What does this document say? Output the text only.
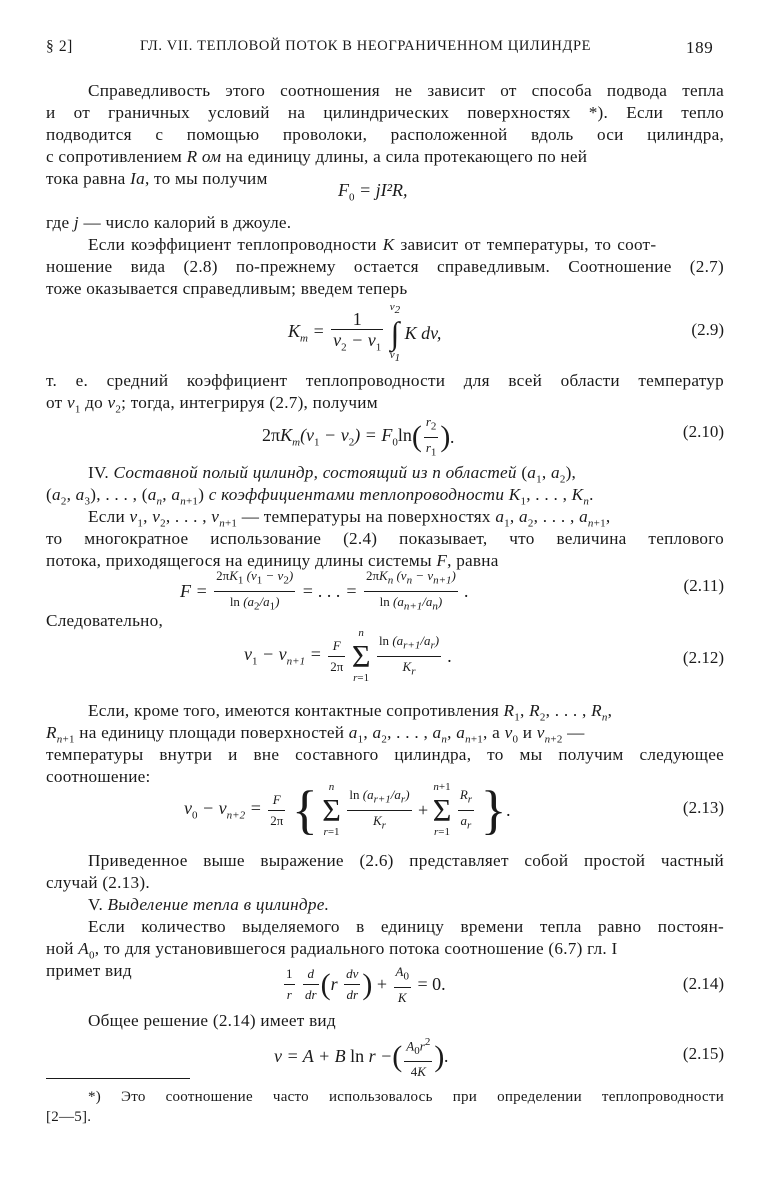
§ 2]	ГЛ. VII. ТЕПЛОВОЙ ПОТОК В НЕОГРАНИЧЕННОМ ЦИЛИНДРЕ	189
Справедливость этого соотношения не зависит от способа подвода тепла
и от граничных условий на цилиндрических поверхностях *). Если тепло
подводится с помощью проволоки, расположенной вдоль оси цилиндра,
с сопротивлением R ом на единицу длины, а сила протекающего по ней
тока равна Ia, то мы получим
$F_0 = jI^2R$,
где j — число калорий в джоуле.
Если коэффициент теплопроводности K зависит от температуры, то соот-
ношение вида (2.8) по-прежнему остается справедливым. Соотношение (2.7)
тоже оказывается справедливым; введем теперь
$K_m = \frac{1}{v_2 - v_1}$

$v_2$
∫
$v_1$
K dv,	(2.9)
т. е. средний коэффициент теплопроводности для всей области температур
от $v_1$ до $v_2$; тогда, интегрируя (2.7), получим
$2\pi K_m(v_1 - v_2) = F_0\ln( \frac{r_2}{r_1}$ ).	(2.10)
IV. Составной полый цилиндр, состоящий из n областей ($a_1$, $a_2$),
($a_2$, $a_3$), . . . , ($a_n$, $a_{n+1}$) с коэффициентами теплопроводности $K_1$, . . . , $K_n$.
Если $v_1$, $v_2$, . . . , $v_{n+1}$ — температуры на поверхностях $a_1$, $a_2$, . . . , $a_{n+1}$,
то многократное использование (2.4) показывает, что величина теплового
потока, приходящегося на единицу длины системы F, равна
$F = \frac{2\pi K_1 (v_1 - v_2)}{\ln (a_2/a_1)}$ = . . . =
$2\pi K_n$ $(v_n - v_{n+1})$
$\ln (a_{n+1}/a_n)$
.	(2.11)
Следовательно,
$v_1 - v_{n+1} = \frac{F}{2\pi}$

n
Σ
r=1
$\frac{\ln (a_{r+1}/a_r)}{K_r}$ .	(2.12)
Если, кроме того, имеются контактные сопротивления $R_1$, $R_2$, . . . , $R_n$,
$R_{n+1}$ на единицу площади поверхностей $a_1$, $a_2$, . . . , $a_n$, $a_{n+1}$, а $v_0$ и $v_{n+2}$ —
температуры внутри и вне составного цилиндра, то мы получим следующее
соотношение:
$v_0 - v_{n+2} = \frac{F}{2\pi}$ {	n
Σ
r=1
$\frac{\ln (a_{r+1}/a_r)}{K_r}$ +
n+1
Σ
r=1
$\frac{R_r}{a_r}$ }.	(2.13)
Приведенное выше выражение (2.6) представляет собой простой частный
случай (2.13).
V. Выделение тепла в цилиндре.
Если количество выделяемого в единицу времени тепла равно постоян-
ной $A_0$, то для установившегося радиального потока соотношение (6.7) гл. I
примет вид	$\frac{1}{r}$
$\frac{d}{dr} (r \frac{dv}{dr}$ ) + $\frac{A_0}{K} = 0$.	(2.14)
Общее решение (2.14) имеет вид
v = A + B ln r −( $\frac{A_0r^2}{4K}$ ).	(2.15)
*) Это соотношение часто использовалось при определении теплопроводности
[2—5].
